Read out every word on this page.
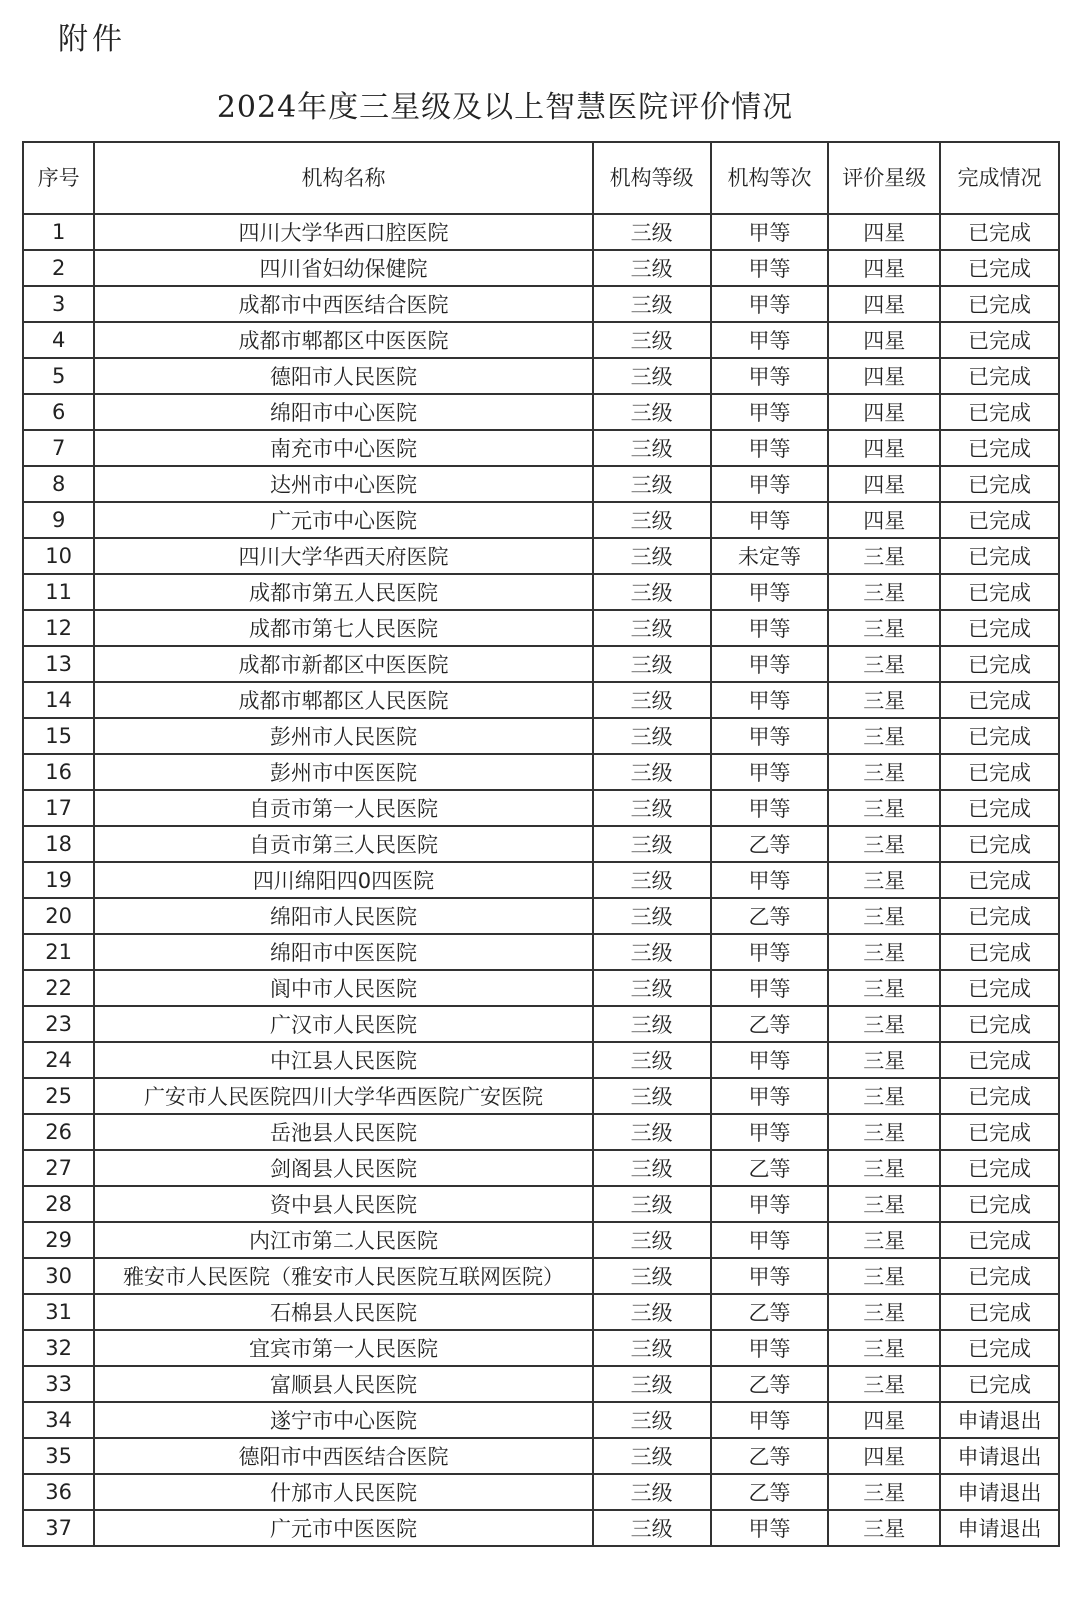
附件
2024年度三星级及以上智慧医院评价情况
序号	机构名称	机构等级	机构等次	评价星级	完成情况
1	四川大学华西口腔医院	三级	甲等	四星	已完成
2	四川省妇幼保健院	三级	甲等	四星	已完成
3	成都市中西医结合医院	三级	甲等	四星	已完成
4	成都市郫都区中医医院	三级	甲等	四星	已完成
5	德阳市人民医院	三级	甲等	四星	已完成
6	绵阳市中心医院	三级	甲等	四星	已完成
7	南充市中心医院	三级	甲等	四星	已完成
8	达州市中心医院	三级	甲等	四星	已完成
9	广元市中心医院	三级	甲等	四星	已完成
10	四川大学华西天府医院	三级	未定等	三星	已完成
11	成都市第五人民医院	三级	甲等	三星	已完成
12	成都市第七人民医院	三级	甲等	三星	已完成
13	成都市新都区中医医院	三级	甲等	三星	已完成
14	成都市郫都区人民医院	三级	甲等	三星	已完成
15	彭州市人民医院	三级	甲等	三星	已完成
16	彭州市中医医院	三级	甲等	三星	已完成
17	自贡市第一人民医院	三级	甲等	三星	已完成
18	自贡市第三人民医院	三级	乙等	三星	已完成
19	四川绵阳四0四医院	三级	甲等	三星	已完成
20	绵阳市人民医院	三级	乙等	三星	已完成
21	绵阳市中医医院	三级	甲等	三星	已完成
22	阆中市人民医院	三级	甲等	三星	已完成
23	广汉市人民医院	三级	乙等	三星	已完成
24	中江县人民医院	三级	甲等	三星	已完成
25	广安市人民医院四川大学华西医院广安医院	三级	甲等	三星	已完成
26	岳池县人民医院	三级	甲等	三星	已完成
27	剑阁县人民医院	三级	乙等	三星	已完成
28	资中县人民医院	三级	甲等	三星	已完成
29	内江市第二人民医院	三级	甲等	三星	已完成
30	雅安市人民医院（雅安市人民医院互联网医院）	三级	甲等	三星	已完成
31	石棉县人民医院	三级	乙等	三星	已完成
32	宜宾市第一人民医院	三级	甲等	三星	已完成
33	富顺县人民医院	三级	乙等	三星	已完成
34	遂宁市中心医院	三级	甲等	四星	申请退出
35	德阳市中西医结合医院	三级	乙等	四星	申请退出
36	什邡市人民医院	三级	乙等	三星	申请退出
37	广元市中医医院	三级	甲等	三星	申请退出
